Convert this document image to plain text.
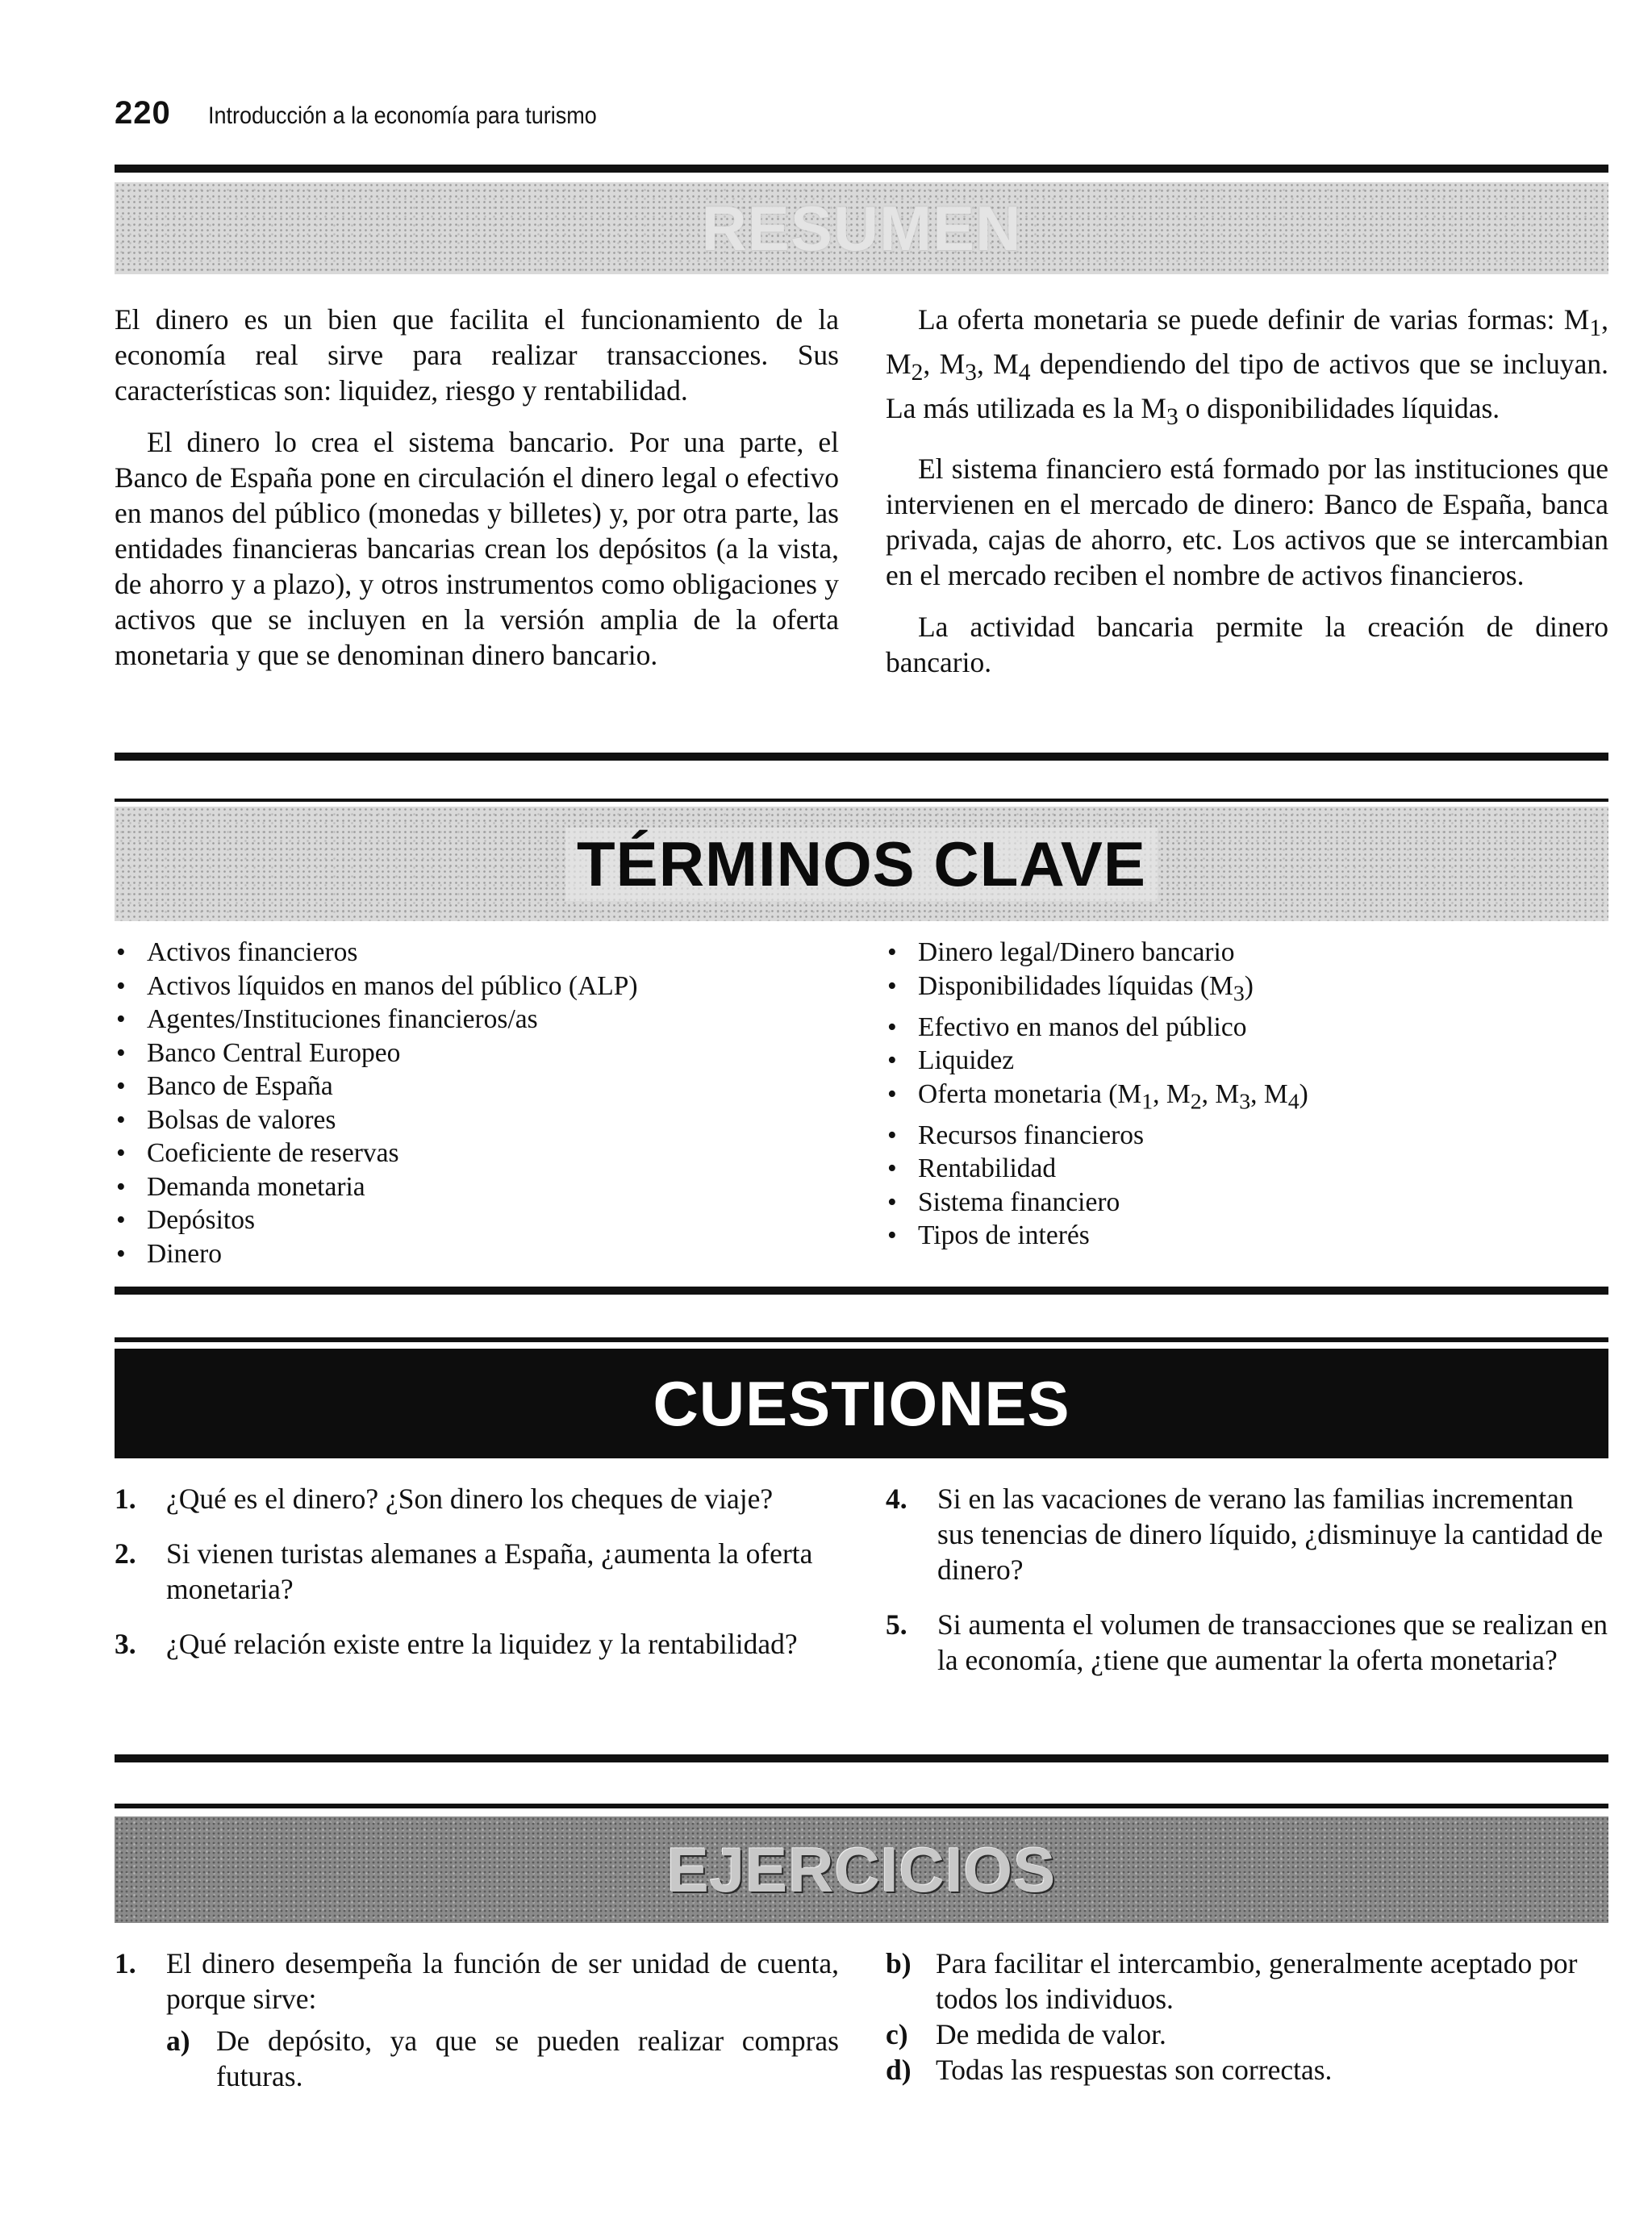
220 Introducción a la economía para turismo
RESUMEN

El dinero es un bien que facilita el funcionamiento de la economía real sirve para realizar transacciones. Sus características son: liquidez, riesgo y rentabilidad.

El dinero lo crea el sistema bancario. Por una parte, el Banco de España pone en circulación el dinero legal o efectivo en manos del público (monedas y billetes) y, por otra parte, las entidades financieras bancarias crean los depósitos (a la vista, de ahorro y a plazo), y otros instrumentos como obligaciones y activos que se incluyen en la versión amplia de la oferta monetaria y que se denominan dinero bancario.

La oferta monetaria se puede definir de varias formas: $M_1$, $M_2$, $M_3$, $M_4$ dependiendo del tipo de activos que se incluyan. La más utilizada es la $M_3$ o disponibilidades líquidas.

El sistema financiero está formado por las instituciones que intervienen en el mercado de dinero: Banco de España, banca privada, cajas de ahorro, etc. Los activos que se intercambian en el mercado reciben el nombre de activos financieros.

La actividad bancaria permite la creación de dinero bancario.

TÉRMINOS CLAVE
• Activos financieros
• Activos líquidos en manos del público (ALP)
• Agentes/Instituciones financieros/as
• Banco Central Europeo
• Banco de España
• Bolsas de valores
• Coeficiente de reservas
• Demanda monetaria
• Depósitos
• Dinero
• Dinero legal/Dinero bancario
• Disponibilidades líquidas $(M_3)$
• Efectivo en manos del público
• Liquidez
• Oferta monetaria ($M_1$, $M_2$, $M_3$, $M_4$)
• Recursos financieros
• Rentabilidad
• Sistema financiero
• Tipos de interés
CUESTIONES
1.	¿Qué es el dinero? ¿Son dinero los cheques de viaje?
2.	Si vienen turistas alemanes a España, ¿aumenta la oferta monetaria?
3.	¿Qué relación existe entre la liquidez y la rentabilidad?
4.	Si en las vacaciones de verano las familias incrementan sus tenencias de dinero líquido, ¿disminuye la cantidad de dinero?
5.	Si aumenta el volumen de transacciones que se realizan en la economía, ¿tiene que aumentar la oferta monetaria?
EJERCICIOS
1.	El dinero desempeña la función de ser unidad de cuenta, porque sirve:
a) De depósito, ya que se pueden realizar compras futuras.
b) Para facilitar el intercambio, generalmente aceptado por todos los individuos.
c) De medida de valor.
d) Todas las respuestas son correctas.
